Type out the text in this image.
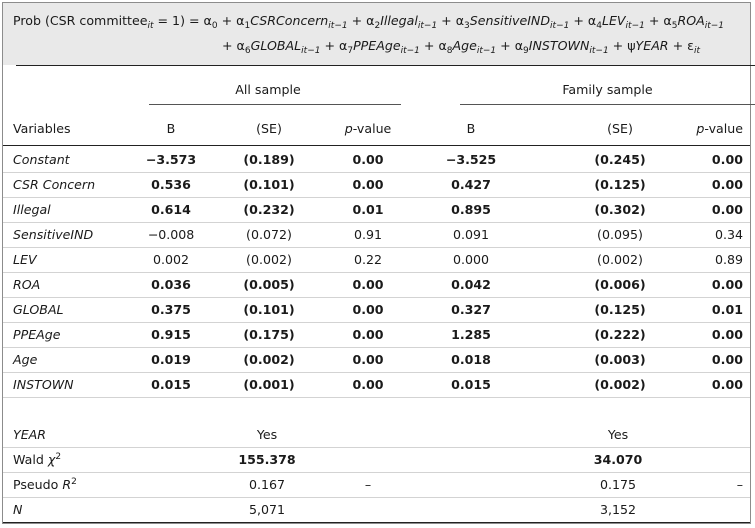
Prob (CSR committee$_{it}$ = $1) = \alpha_0$ + $\alpha_1CSRConcern_{it-1}$ + $\alpha_2Illegal_{it-1}$ + $\alpha_3SensitiveIND_{it-1} + \alpha_4LEV_{it-1} + \alpha_5ROA_{it-1}$
+ $\alpha_6GLOBAL_{it-1}$ + $\alpha_7PPEAge_{it-1} + \alpha_8Age_{it-1}$ + $\alpha_9INSTOWN_{it-1}$ + ψYEAR + $\varepsilon_{it}$
All sample	Family sample
Variables	B	(SE)	p-value	B	(SE)	p-value
Constant	−3.573	(0.189)	0.00	−3.525	(0.245)	0.00
CSR Concern	0.536	(0.101)	0.00	0.427	(0.125)	0.00
Illegal	0.614	(0.232)	0.01	0.895	(0.302)	0.00
SensitiveIND	−0.008	(0.072)	0.91	0.091	(0.095)	0.34
LEV	0.002	(0.002)	0.22	0.000	(0.002)	0.89
ROA	0.036	(0.005)	0.00	0.042	(0.006)	0.00
GLOBAL	0.375	(0.101)	0.00	0.327	(0.125)	0.01
PPEAge	0.915	(0.175)	0.00	1.285	(0.222)	0.00
Age	0.019	(0.002)	0.00	0.018	(0.003)	0.00
INSTOWN	0.015	(0.001)	0.00	0.015	(0.002)	0.00
YEAR	Yes	Yes
Wald $\chi^2$	155.378	34.070
Pseudo $R^2$	0.167	–	0.175	–
N	5,071	3,152
